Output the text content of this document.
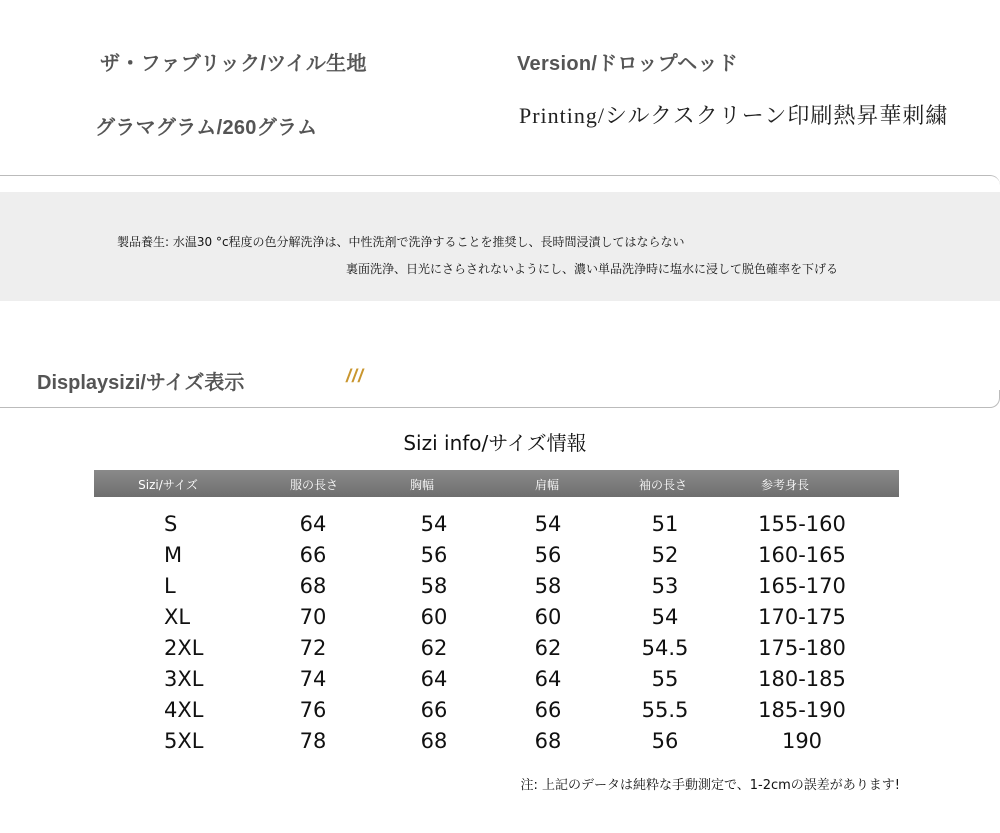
ザ・ファブリック/ツイル生地	Version/ドロップヘッド
グラマグラム/260グラム	Printing/シルクスクリーン印刷熱昇華刺繍
製品養生: 水温30 °c程度の色分解洗浄は、中性洗剤で洗浄することを推奨し、長時間浸漬してはならない
裏面洗浄、日光にさらされないようにし、濃い単品洗浄時に塩水に浸して脱色確率を下げる
Displaysizi/サイズ表示	///
Sizi info/サイズ情報
Sizi/サイズ	服の長さ	胸幅	肩幅	袖の長さ	参考身長
S	64	54	54	51	155-160
M	66	56	56	52	160-165
L	68	58	58	53	165-170
XL	70	60	60	54	170-175
2XL	72	62	62	54.5	175-180
3XL	74	64	64	55	180-185
4XL	76	66	66	55.5	185-190
5XL	78	68	68	56	190
注: 上記のデータは純粋な手動測定で、1-2cmの誤差があります!
